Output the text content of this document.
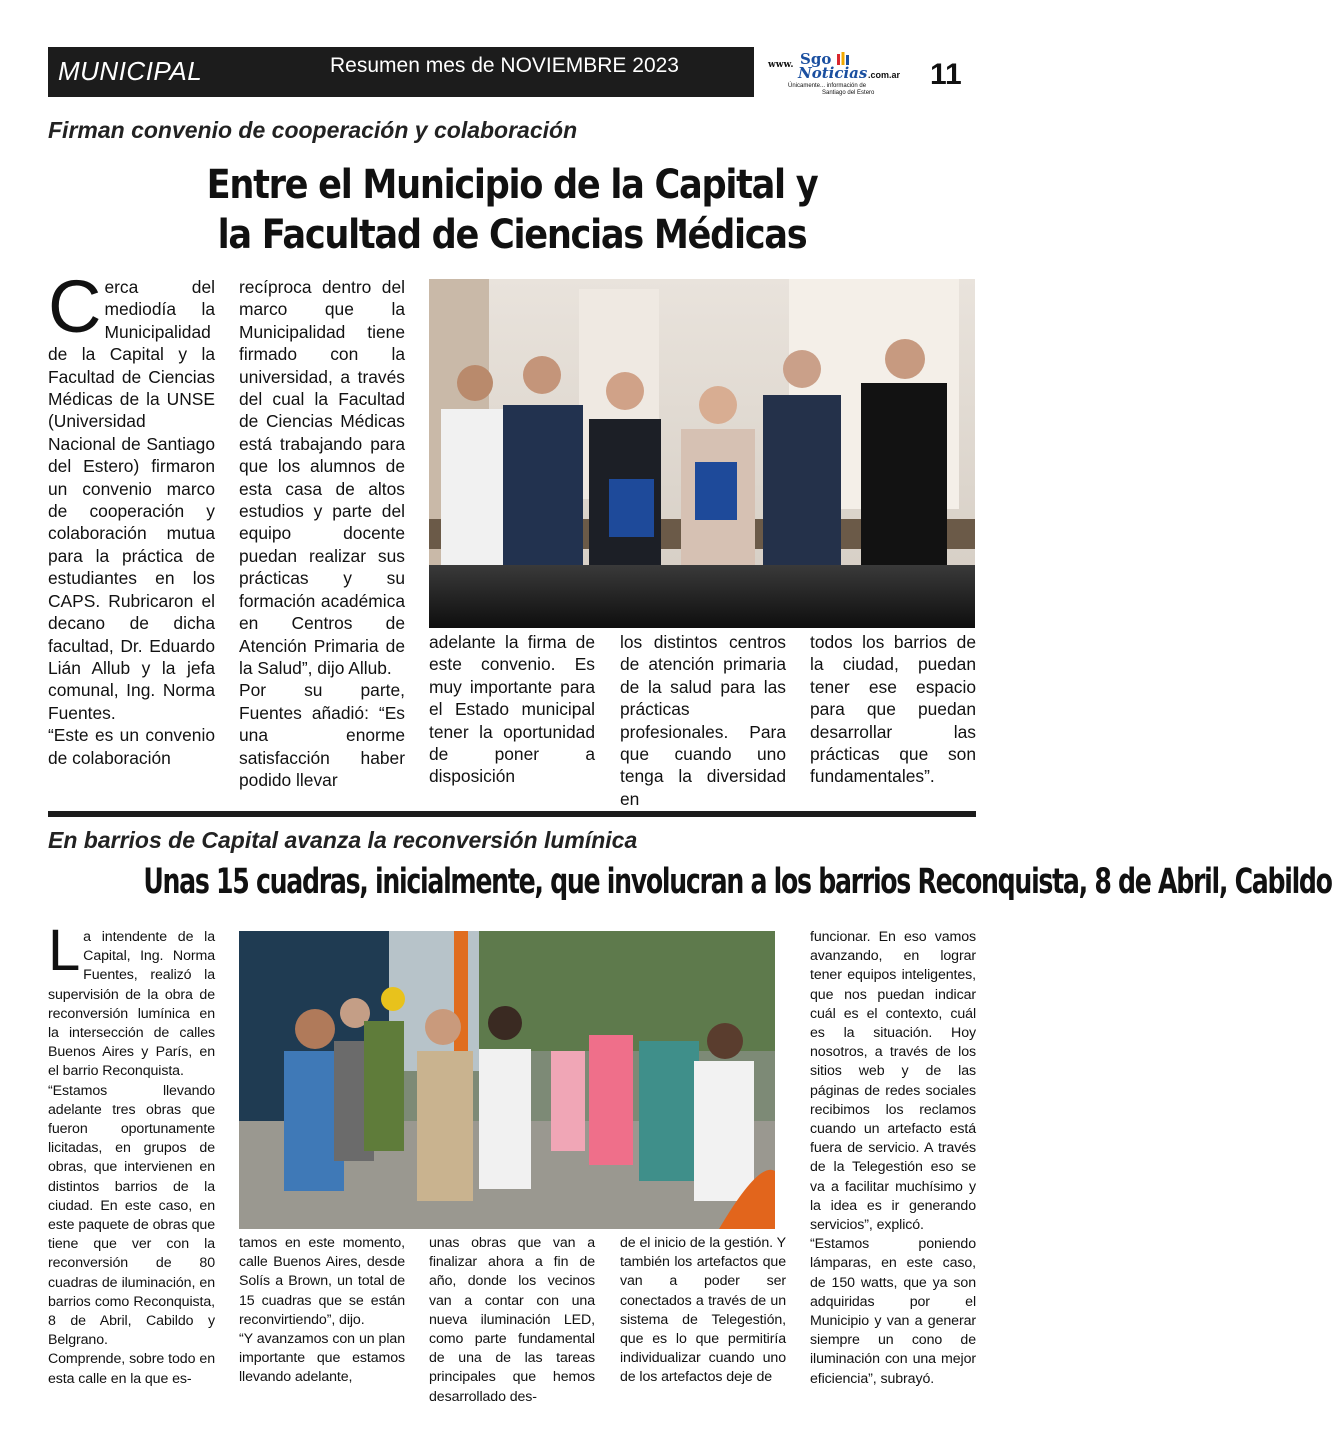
MUNICIPAL	Resumen mes de NOVIEMBRE 2023	www. Sgo
Noticias .com.ar
Únicamente... información de
Santiago del Estero
11
Firman convenio de cooperación y colaboración
Entre el Municipio de la Capital y
la Facultad de Ciencias Médicas

Cerca del mediodía la Municipalidad de la Capital y la Facultad de Ciencias Médicas de la UNSE (Universidad Nacional de Santiago del Estero) firmaron un convenio marco de cooperación y colaboración mutua para la práctica de estudiantes en los CAPS. Rubricaron el decano de dicha facultad, Dr. Eduardo Lián Allub y la jefa comunal, Ing. Norma Fuentes.

“Este es un convenio de colaboración

recíproca dentro del marco que la Municipalidad tiene firmado con la universidad, a través del cual la Facultad de Ciencias Médicas está trabajando para que los alumnos de esta casa de altos estudios y parte del equipo docente puedan realizar sus prácticas y su formación académica en Centros de Atención Primaria de la Salud”, dijo Allub.

Por su parte, Fuentes añadió: “Es una enorme satisfacción haber podido llevar

adelante la firma de este convenio. Es muy importante para el Estado municipal tener la oportunidad de poner a disposición
los distintos centros de atención primaria de la salud para las prácticas profesionales. Para que cuando uno tenga la diversidad en
todos los barrios de la ciudad, puedan tener ese espacio para que puedan desarrollar las prácticas que son fundamentales”.
En barrios de Capital avanza la reconversión lumínica
Unas 15 cuadras, inicialmente, que involucran a los barrios Reconquista, 8 de Abril, Cabildo

La intendente de la Capital, Ing. Norma Fuentes, realizó la supervisión de la obra de reconversión lumínica en la intersección de calles Buenos Aires y París, en el barrio Reconquista.

“Estamos llevando adelante tres obras que fueron oportunamente licitadas, en grupos de obras, que intervienen en distintos barrios de la ciudad. En este caso, en este paquete de obras que tiene que ver con la reconversión de 80 cuadras de iluminación, en barrios como Reconquista, 8 de Abril, Cabildo y Belgrano.

Comprende, sobre todo en esta calle en la que es-

tamos en este momento, calle Buenos Aires, desde Solís a Brown, un total de 15 cuadras que se están reconvirtiendo”, dijo.

“Y avanzamos con un plan importante que estamos llevando adelante,

unas obras que van a finalizar ahora a fin de año, donde los vecinos van a contar con una nueva iluminación LED, como parte fundamental de una de las tareas principales que hemos desarrollado des-
de el inicio de la gestión. Y también los artefactos que van a poder ser conectados a través de un sistema de Telegestión, que es lo que permitiría individualizar cuando uno de los artefactos deje de

funcionar. En eso vamos avanzando, en lograr tener equipos inteligentes, que nos puedan indicar cuál es el contexto, cuál es la situación. Hoy nosotros, a través de los sitios web y de las páginas de redes sociales recibimos los reclamos cuando un artefacto está fuera de servicio. A través de la Telegestión eso se va a facilitar muchísimo y la idea es ir generando servicios”, explicó.

“Estamos poniendo lámparas, en este caso, de 150 watts, que ya son adquiridas por el Municipio y van a generar siempre un cono de iluminación con una mejor eficiencia”, subrayó.
